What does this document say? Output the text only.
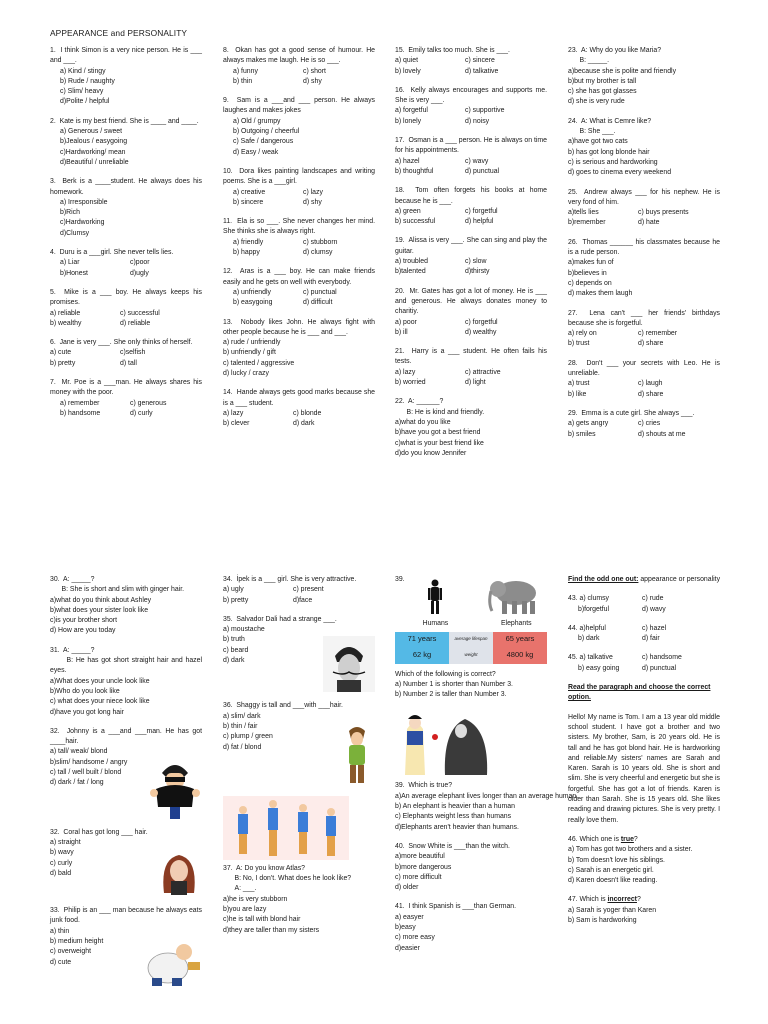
APPEARANCE and PERSONALITY
1.  I think Simon is a very nice person. He is ___ and ___.
a) Kind / stingy
b) Rude / naughty
c) Slim/ heavy
d)Polite / helpful
2.  Kate is my best friend. She is ____ and ____.
a) Generous / sweet
b)Jealous / easygoing
c)Hardworking/ mean
d)Beautiful / unreliable
3.  Berk is a ____student. He always does his homework.
a) Irresponsible
b)Rich
c)Hardworking
d)Clumsy
4.  Duru is a ___girl. She never tells lies.
a) Liar	c)poor
b)Honest	d)ugly
5.  Mike is a ___ boy. He always keeps his promises.
a) reliable	c) successful
b) wealthy	d) reliable
6.  Jane is very ___. She only thinks of herself.
a) cute	c)selfish
b) pretty	d) tall
7.  Mr. Poe is a ___man. He always shares his money with the poor.
a) remember	c) generous
b) handsome	d) curly
8.  Okan has got a good sense of humour. He always makes me laugh. He is so ___.
a) funny	c) short
b) thin	d) shy
9.  Sam is a ___and ___ person. He always laughes and makes jokes
a) Old / grumpy
b) Outgoing / cheerful
c) Safe / dangerous
d) Easy / weak
10.  Dora likes painting landscapes and writing poems. She is a ___girl.
a) creative	c) lazy
b) sincere	d) shy
11.  Ela is so ___. She never changes her mind. She thinks she is always right.
a) friendly	c) stubborn
b) happy	d) clumsy
12.  Aras is a ___ boy. He can make friends easily and he gets on well with everybody.
a) unfriendly	c) punctual
b) easygoing	d) difficult
13.  Nobody likes John. He always fight with other people because he is ___ and ___.
a) rude / unfriendly
b) unfriendly / gift
c) talented / aggressive
d) lucky / crazy
14.  Hande always gets good marks because she is a ___ student.
a) lazy	c) blonde
b) clever	d) dark
15.  Emily talks too much. She is ___.
a) quiet	c) sincere
b) lovely	d) talkative
16.  Kelly always encourages and supports me. She is very ___.
a) forgetful	c) supportive
b) lonely	d) noisy
17.  Osman is a ___ person. He is always on time for his appointments.
a) hazel	c) wavy
b) thoughtful	d) punctual
18.  Tom often forgets his books at home because he is ___.
a) green	c) forgetful
b) successful	d) helpful
19.  Alissa is very ___. She can sing and play the guitar.
a) troubled	c) slow
b)talented	d)thirsty
20.  Mr. Gates has got a lot of money. He is ___ and generous. He always donates money to charitiy.
a) poor	c) forgetful
b) ill	d) wealthy
21.  Harry is a ___ student. He often fails his tests.
a) lazy	c) attractive
b) worried	d) light
22.  A: ______?
B: He is kind and friendly.
a)what do you like
b)have you got a best friend
c)what is your best friend like
d)do you know Jennifer
23.  A: Why do you like Maria?
B: _____.
a)because she is polite and friendly
b)but my brother is tall
c) she has got glasses
d) she is very rude
24.  A: What is Cemre like?
B: She ___.
a)have got two cats
b) has got long blonde hair
c) is serious and hardworking
d) goes to cinema every weekend
25.  Andrew always ___ for his nephew. He is very fond of him.
a)tells lies	c) buys presents
b)remember	d) hate
26.  Thomas ______ his classmates because he is a rude person.
a)makes fun of
b)believes in
c) depends on
d) makes them laugh
27.  Lena can't ___ her friends' birthdays because she is forgetful.
a) rely on	c) remember
b) trust	d) share
28.  Don't ___ your secrets with Leo. He is unreliable.
a) trust	c) laugh
b) like	d) share
29.  Emma is a cute girl. She always ___.
a) gets angry	c) cries
b) smiles	d) shouts at me
30.  A: _____?
B: She is short and slim with ginger hair.
a)what do you think about Ashley
b)what does your sister look like
c)is your brother short
d) How are you today
31.  A: _____?
B: He has got short straight hair and hazel eyes.
a)What does your uncle look like
b)Who do you look like
c) what does your niece look like
d)have you got long hair
32.  Johnny is a ___and ___man. He has got ____hair.
a) tall/ weak/ blond
b)slim/ handsome / angry
c) tall / well built / blond
d) dark / fat / long
32.  Coral has got long ___ hair.
a) straight
b) wavy
c) curly
d) bald
33.  Philip is an ___ man because he always eats junk food.
a) thin
b) medium height
c) overweight
d) cute
34.  İpek is a ___ girl. She is very attractive.
a) ugly	c) present
b) pretty	d)face
35.  Salvador Dali had a strange ___.
a) moustache
b) truth
c) beard
d) dark
36.  Shaggy is tall and ___with ___hair.
a) slim/ dark
b) thin / fair
c) plump / green
d) fat / blond
37.  A: Do you know Atlas?
B: No, I don't. What does he look like?
A: ___.
a)he is very stubborn
b)you are lazy
c)he is tall with blond hair
d)they are taller than my sisters
39.
Humans	Elephants
71 years	average lifespan	65 years
62 kg	weight	4800 kg
Which of the following is correct?
a) Number 1 is shorter than Number 3.
b) Number 2 is taller than Number 3.
39.  Which is true?
a)An average elephant lives longer than an average human.
b) An elephant is heavier than a human
c) Elephants weight less than humans
d)Elephants aren't heavier than humans.
40.  Snow White is ___than the witch.
a)more beautiful
b)more dangerous
c) more difficult
d) older
41.  I think Spanish is ___than German.
a) easyer
b)easy
c) more easy
d)easier
Find the odd one out: appearance or personality
43. a) clumsy	c) rude
b)forgetful	d) wavy
44. a)helpful	c) hazel
b) dark	d) fair
45. a) talkative	c) handsome
b) easy going	d) punctual
Read the paragraph and choose the correct option.
Hello! My name is Tom. I am a 13 year old middle school student. I have got a brother and two sisters. My brother, Sam, is 20 years old. He is tall and he has got blond hair. He is hardworking and reliable.My sisters' names are Sarah and Karen. Sarah is 10 years old. She is short and slim. She is very cheerful and energetic but she is forgetful. She has got a lot of friends. Karen is older than Sarah. She is 15 years old. She likes reading and drawing pictures. She is very pretty. I really love them.
46. Which one is true?
a) Tom has got two brothers and a sister.
b) Tom doesn't love his siblings.
c) Sarah is an energetic girl.
d) Karen doesn't like reading.
47. Which is incorrect?
a) Sarah is yoger than Karen
b) Sam is hardworking
